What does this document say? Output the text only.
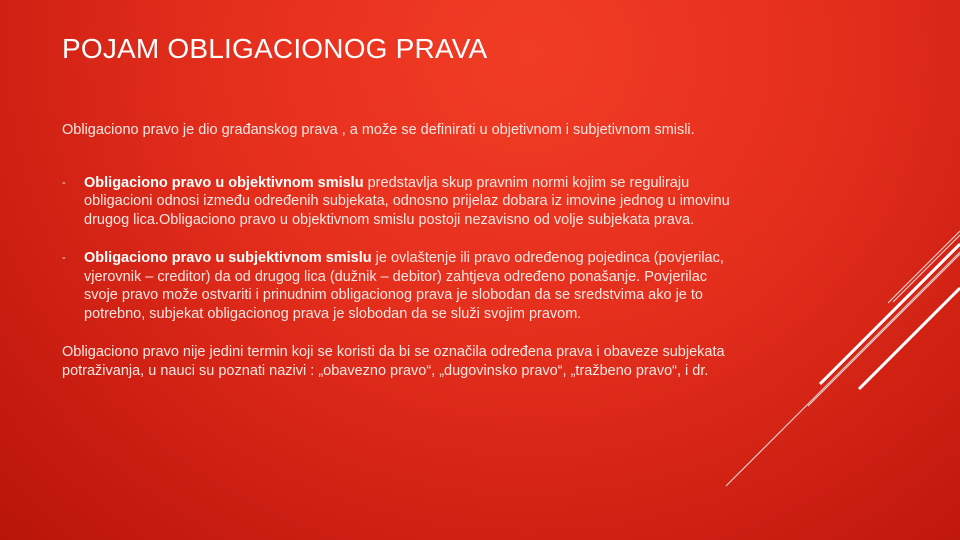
POJAM OBLIGACIONOG PRAVA

Obligaciono pravo je dio građanskog prava , a može se definirati u objetivnom i subjetivnom smisli.

- Obligaciono pravo u objektivnom smislu predstavlja skup pravnim normi kojim se reguliraju obligacioni odnosi između određenih subjekata, odnosno prijelaz dobara iz imovine jednog u imovinu drugog lica.Obligaciono pravo u objektivnom smislu postoji nezavisno od volje subjekata prava.
- Obligaciono pravo u subjektivnom smislu je ovlaštenje ili pravo određenog pojedinca (povjerilac, vjerovnik – creditor) da od drugog lica (dužnik – debitor) zahtjeva određeno ponašanje. Povjerilac svoje pravo može ostvariti i prinudnim obligacionog prava je slobodan da se sredstvima ako je to potrebno, subjekat obligacionog prava je slobodan da se služi svojim pravom.

Obligaciono pravo nije jedini termin koji se koristi da bi se označila određena prava i obaveze subjekata potraživanja, u nauci su poznati nazivi : „obavezno pravo“, „dugovinsko pravo“, „tražbeno pravo“, i dr.
